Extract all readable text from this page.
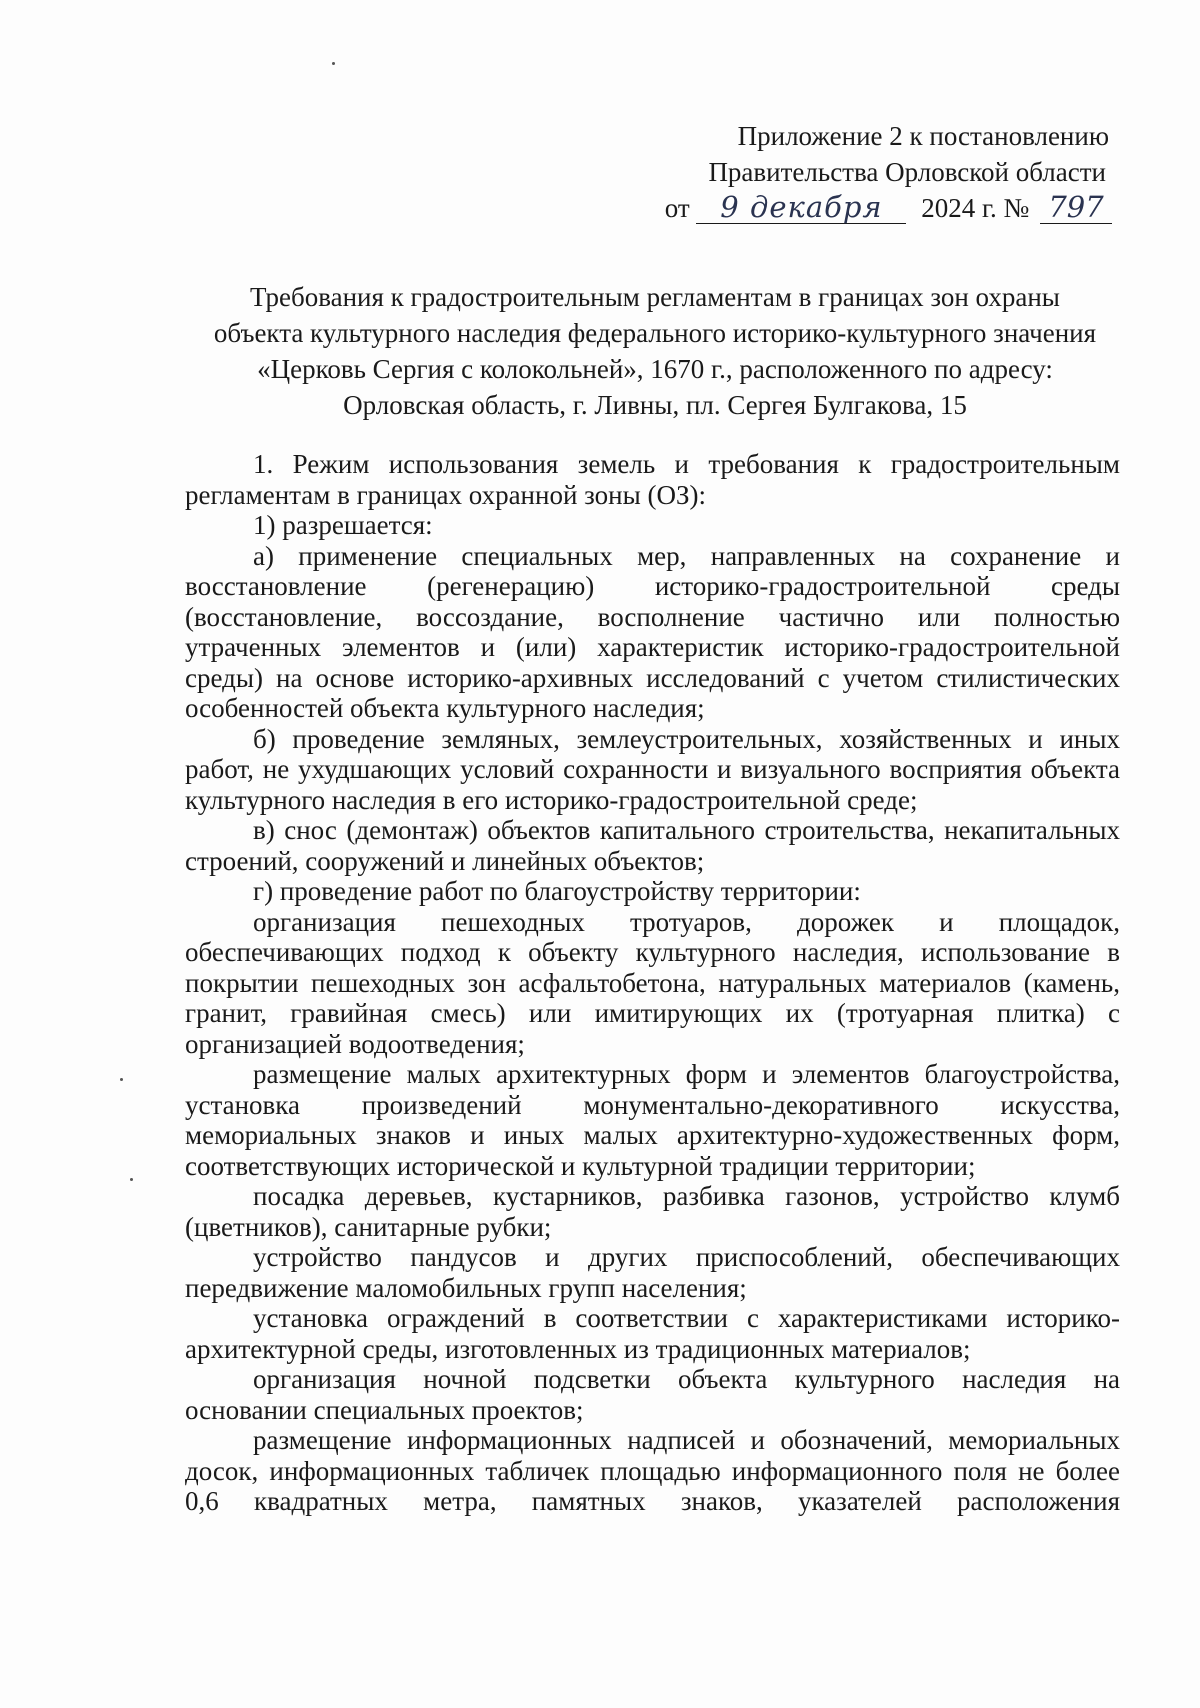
Приложение 2 к постановлению
Правительства Орловской области
от 9 декабря 2024 г. № 797
Требования к градостроительным регламентам в границах зон охраны
объекта культурного наследия федерального историко-культурного значения
«Церковь Сергия с колокольней», 1670 г., расположенного по адресу:
Орловская область, г. Ливны, пл. Сергея Булгакова, 15

1. Режим использования земель и требования к градостроительным регламентам в границах охранной зоны (ОЗ):

1) разрешается:

а) применение специальных мер, направленных на сохранение и восстановление (регенерацию) историко-градостроительной среды (восстановление, воссоздание, восполнение частично или полностью утраченных элементов и (или) характеристик историко-градостроительной среды) на основе историко-архивных исследований с учетом стилистических особенностей объекта культурного наследия;

б) проведение земляных, землеустроительных, хозяйственных и иных работ, не ухудшающих условий сохранности и визуального восприятия объекта культурного наследия в его историко-градостроительной среде;

в) снос (демонтаж) объектов капитального строительства, некапитальных строений, сооружений и линейных объектов;

г) проведение работ по благоустройству территории:

организация пешеходных тротуаров, дорожек и площадок, обеспечивающих подход к объекту культурного наследия, использование в покрытии пешеходных зон асфальтобетона, натуральных материалов (камень, гранит, гравийная смесь) или имитирующих их (тротуарная плитка) с организацией водоотведения;

размещение малых архитектурных форм и элементов благоустройства, установка произведений монументально-декоративного искусства, мемориальных знаков и иных малых архитектурно-художественных форм, соответствующих исторической и культурной традиции территории;

посадка деревьев, кустарников, разбивка газонов, устройство клумб (цветников), санитарные рубки;

устройство пандусов и других приспособлений, обеспечивающих передвижение маломобильных групп населения;

установка ограждений в соответствии с характеристиками историко-архитектурной среды, изготовленных из традиционных материалов;

организация ночной подсветки объекта культурного наследия на основании специальных проектов;

размещение информационных надписей и обозначений, мемориальных досок, информационных табличек площадью информационного поля не более 0,6 квадратных метра, памятных знаков, указателей расположения
